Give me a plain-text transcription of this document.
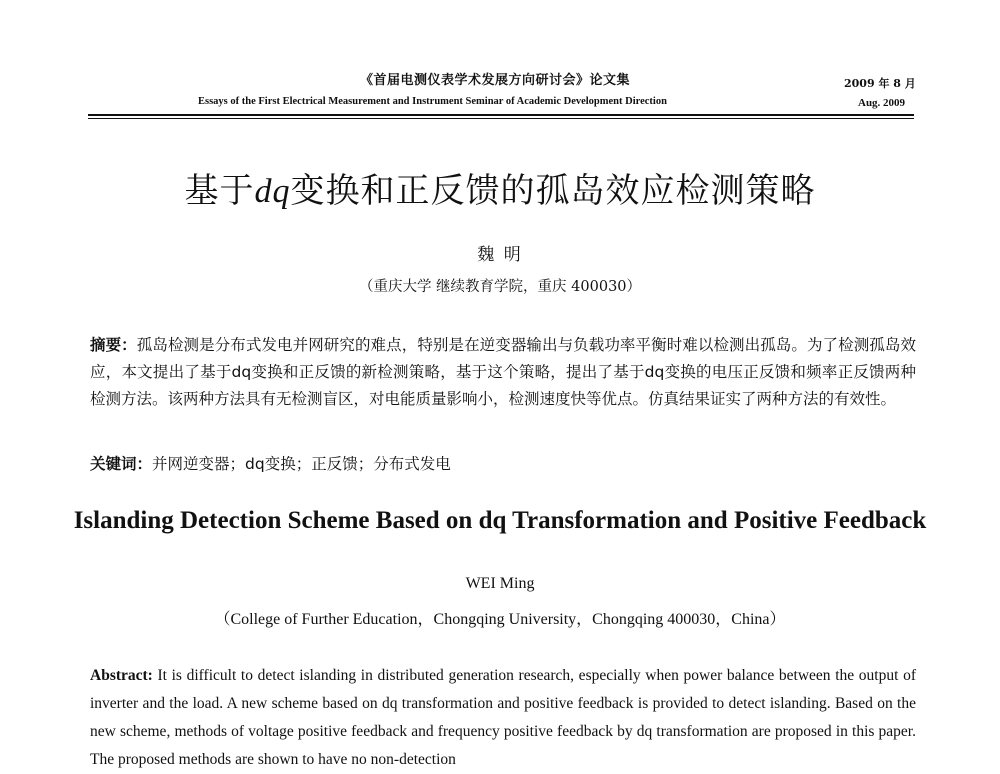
《首届电测仪表学术发展方向研讨会》论文集
Essays of the First Electrical Measurement and Instrument Seminar of Academic Development Direction
2009 年 8 月
Aug. 2009
基于dq变换和正反馈的孤岛效应检测策略
魏 明
（重庆大学 继续教育学院，重庆 400030）
摘要：孤岛检测是分布式发电并网研究的难点，特别是在逆变器输出与负载功率平衡时难以检测出孤岛。为了检测孤岛效应，本文提出了基于dq变换和正反馈的新检测策略，基于这个策略，提出了基于dq变换的电压正反馈和频率正反馈两种检测方法。该两种方法具有无检测盲区，对电能质量影响小，检测速度快等优点。仿真结果证实了两种方法的有效性。
关键词：并网逆变器；dq变换；正反馈；分布式发电
Islanding Detection Scheme Based on dq Transformation and Positive Feedback
WEI Ming
（College of Further Education，Chongqing University，Chongqing 400030，China）
Abstract: It is difficult to detect islanding in distributed generation research, especially when power balance between the output of inverter and the load. A new scheme based on dq transformation and positive feedback is provided to detect islanding. Based on the new scheme, methods of voltage positive feedback and frequency positive feedback by dq transformation are proposed in this paper. The proposed methods are shown to have no non-detection
